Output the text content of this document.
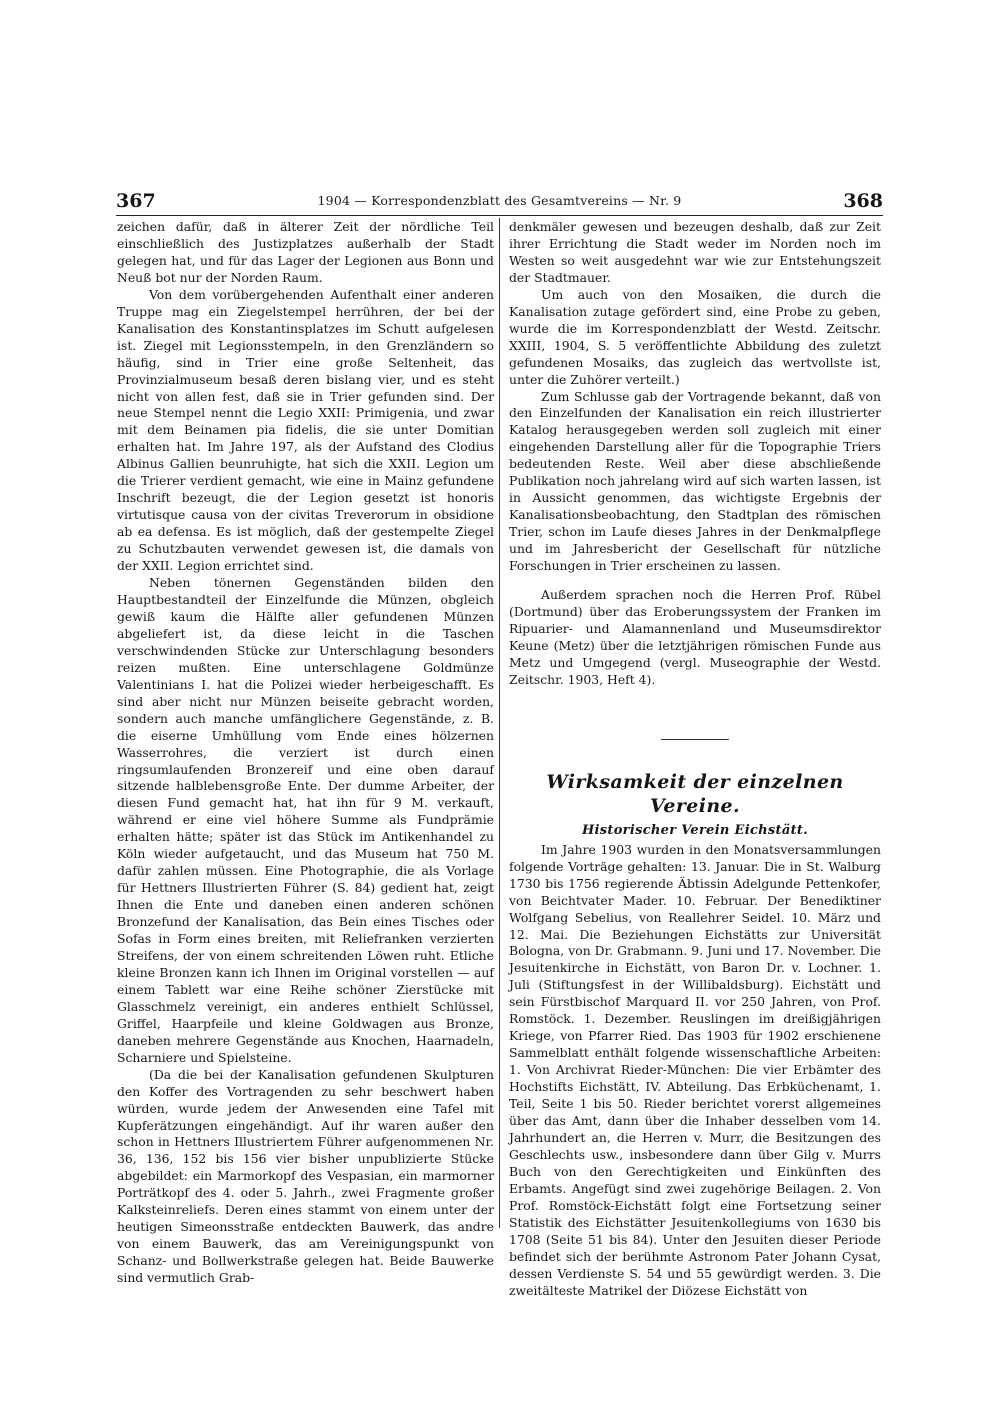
367	1904 — Korrespondenzblatt des Gesamtvereins — Nr. 9	368

zeichen dafür, daß in älterer Zeit der nördliche Teil einschließlich des Justizplatzes außerhalb der Stadt gelegen hat, und für das Lager der Legionen aus Bonn und Neuß bot nur der Norden Raum.

Von dem vorübergehenden Aufenthalt einer anderen Truppe mag ein Ziegelstempel herrühren, der bei der Kanalisation des Konstantinsplatzes im Schutt aufgelesen ist. Ziegel mit Legionsstempeln, in den Grenzländern so häufig, sind in Trier eine große Seltenheit, das Provinzialmuseum besaß deren bislang vier, und es steht nicht von allen fest, daß sie in Trier gefunden sind. Der neue Stempel nennt die Legio XXII: Primigenia, und zwar mit dem Beinamen pia fidelis, die sie unter Domitian erhalten hat. Im Jahre 197, als der Aufstand des Clodius Albinus Gallien beunruhigte, hat sich die XXII. Legion um die Trierer verdient gemacht, wie eine in Mainz gefundene Inschrift bezeugt, die der Legion gesetzt ist honoris virtutisque causa von der civitas Treverorum in obsidione ab ea defensa. Es ist möglich, daß der gestempelte Ziegel zu Schutzbauten verwendet gewesen ist, die damals von der XXII. Legion errichtet sind.

Neben tönernen Gegenständen bilden den Hauptbestandteil der Einzelfunde die Münzen, obgleich gewiß kaum die Hälfte aller gefundenen Münzen abgeliefert ist, da diese leicht in die Taschen verschwindenden Stücke zur Unterschlagung besonders reizen mußten. Eine unterschlagene Goldmünze Valentinians I. hat die Polizei wieder herbeigeschafft. Es sind aber nicht nur Münzen beiseite gebracht worden, sondern auch manche umfänglichere Gegenstände, z. B. die eiserne Umhüllung vom Ende eines hölzernen Wasserrohres, die verziert ist durch einen ringsumlaufenden Bronzereif und eine oben darauf sitzende halblebensgroße Ente. Der dumme Arbeiter, der diesen Fund gemacht hat, hat ihn für 9 M. verkauft, während er eine viel höhere Summe als Fundprämie erhalten hätte; später ist das Stück im Antikenhandel zu Köln wieder aufgetaucht, und das Museum hat 750 M. dafür zahlen müssen. Eine Photographie, die als Vorlage für Hettners Illustrierten Führer (S. 84) gedient hat, zeigt Ihnen die Ente und daneben einen anderen schönen Bronzefund der Kanalisation, das Bein eines Tisches oder Sofas in Form eines breiten, mit Reliefranken verzierten Streifens, der von einem schreitenden Löwen ruht. Etliche kleine Bronzen kann ich Ihnen im Original vorstellen — auf einem Tablett war eine Reihe schöner Zierstücke mit Glasschmelz vereinigt, ein anderes enthielt Schlüssel, Griffel, Haarpfeile und kleine Goldwagen aus Bronze, daneben mehrere Gegenstände aus Knochen, Haarnadeln, Scharniere und Spielsteine.

(Da die bei der Kanalisation gefundenen Skulpturen den Koffer des Vortragenden zu sehr beschwert haben würden, wurde jedem der Anwesenden eine Tafel mit Kupferätzungen eingehändigt. Auf ihr waren außer den schon in Hettners Illustriertem Führer aufgenommenen Nr. 36, 136, 152 bis 156 vier bisher unpublizierte Stücke abgebildet: ein Marmorkopf des Vespasian, ein marmorner Porträtkopf des 4. oder 5. Jahrh., zwei Fragmente großer Kalksteinreliefs. Deren eines stammt von einem unter der heutigen Simeonsstraße entdeckten Bauwerk, das andre von einem Bauwerk, das am Vereinigungspunkt von Schanz- und Bollwerkstraße gelegen hat. Beide Bauwerke sind vermutlich Grab-

denkmäler gewesen und bezeugen deshalb, daß zur Zeit ihrer Errichtung die Stadt weder im Norden noch im Westen so weit ausgedehnt war wie zur Entstehungszeit der Stadtmauer.

Um auch von den Mosaiken, die durch die Kanalisation zutage gefördert sind, eine Probe zu geben, wurde die im Korrespondenzblatt der Westd. Zeitschr. XXIII, 1904, S. 5 veröffentlichte Abbildung des zuletzt gefundenen Mosaiks, das zugleich das wertvollste ist, unter die Zuhörer verteilt.)

Zum Schlusse gab der Vortragende bekannt, daß von den Einzelfunden der Kanalisation ein reich illustrierter Katalog herausgegeben werden soll zugleich mit einer eingehenden Darstellung aller für die Topographie Triers bedeutenden Reste. Weil aber diese abschließende Publikation noch jahrelang wird auf sich warten lassen, ist in Aussicht genommen, das wichtigste Ergebnis der Kanalisationsbeobachtung, den Stadtplan des römischen Trier, schon im Laufe dieses Jahres in der Denkmalpflege und im Jahresbericht der Gesellschaft für nützliche Forschungen in Trier erscheinen zu lassen.

Außerdem sprachen noch die Herren Prof. Rübel (Dortmund) über das Eroberungssystem der Franken im Ripuarier- und Alamannenland und Museumsdirektor Keune (Metz) über die letztjährigen römischen Funde aus Metz und Umgegend (vergl. Museographie der Westd. Zeitschr. 1903, Heft 4).

Wirksamkeit der einzelnen Vereine.
Historischer Verein Eichstätt.

Im Jahre 1903 wurden in den Monatsversammlungen folgende Vorträge gehalten: 13. Januar. Die in St. Walburg 1730 bis 1756 regierende Äbtissin Adelgunde Pettenkofer, von Beichtvater Mader. 10. Februar. Der Benediktiner Wolfgang Sebelius, von Reallehrer Seidel. 10. März und 12. Mai. Die Beziehungen Eichstätts zur Universität Bologna, von Dr. Grabmann. 9. Juni und 17. November. Die Jesuitenkirche in Eichstätt, von Baron Dr. v. Lochner. 1. Juli (Stiftungsfest in der Willibaldsburg). Eichstätt und sein Fürstbischof Marquard II. vor 250 Jahren, von Prof. Romstöck. 1. Dezember. Reuslingen im dreißigjährigen Kriege, von Pfarrer Ried. Das 1903 für 1902 erschienene Sammelblatt enthält folgende wissenschaftliche Arbeiten: 1. Von Archivrat Rieder-München: Die vier Erbämter des Hochstifts Eichstätt, IV. Abteilung. Das Erbküchenamt, 1. Teil, Seite 1 bis 50. Rieder berichtet vorerst allgemeines über das Amt, dann über die Inhaber desselben vom 14. Jahrhundert an, die Herren v. Murr, die Besitzungen des Geschlechts usw., insbesondere dann über Gilg v. Murrs Buch von den Gerechtigkeiten und Einkünften des Erbamts. Angefügt sind zwei zugehörige Beilagen. 2. Von Prof. Romstöck-Eichstätt folgt eine Fortsetzung seiner Statistik des Eichstätter Jesuitenkollegiums von 1630 bis 1708 (Seite 51 bis 84). Unter den Jesuiten dieser Periode befindet sich der berühmte Astronom Pater Johann Cysat, dessen Verdienste S. 54 und 55 gewürdigt werden. 3. Die zweitälteste Matrikel der Diözese Eichstätt von
